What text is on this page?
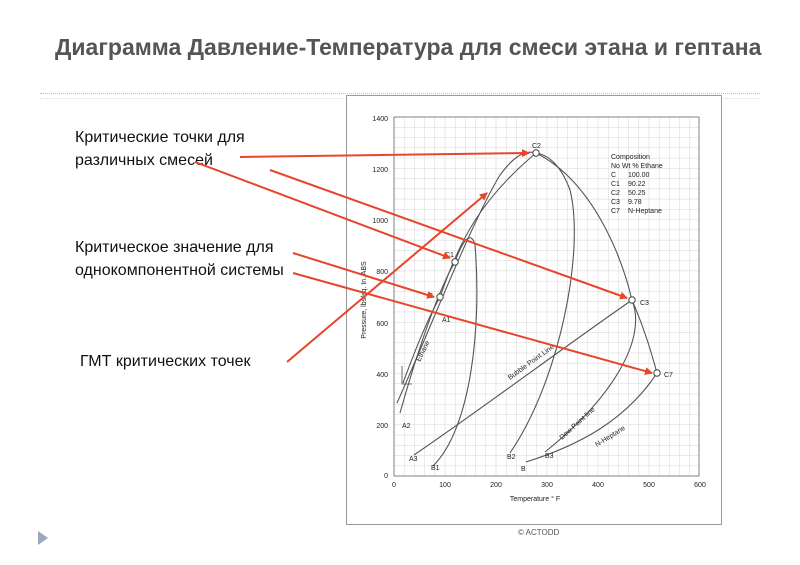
Диаграмма Давление-Температура для смеси этана и гептана
Критические точки для различных смесей
Критическое значение для однокомпонентной системы
ГМТ критических точек
0
200
400
600
800
1000
1200
1400
0	100	200	300	400	500	600
Temperature ° F
Pressure, lbs/sq. In. ABS
Composition
No Wt % Ethane
C 100.00
C1 90.22
C2 50.25
C3 9.78
C7 N-Heptane
C2
C1
C
C3
C7
A1
A2
A3
B1
B2	B3
B
Ethane	Bubble Point Line
Dew Point line
N-Heptane
© ACTODD
